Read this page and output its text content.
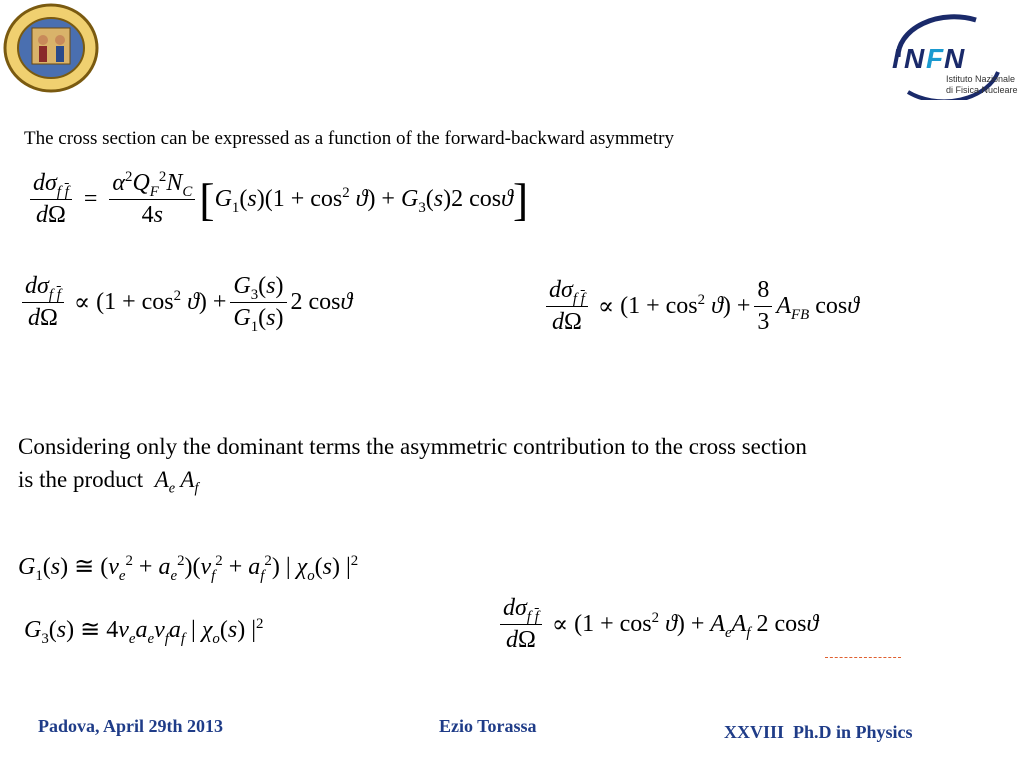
I N F N
Istituto Nazionale
di Fisica Nucleare
The cross section can be expressed as a function of the forward-backward asymmetry
$\frac{d\sigma_{f \overline{f}}}{d\Omega} = \frac{\alpha^2Q_F^2N_C}{4s}$ [ $G_1(s)(1 + \cos^2 ϑ) + G_3(s)2$ cosϑ ]
$\frac{d\sigma_{f \overline{f}}}{d\Omega} \propto (1 + \cos^2 ϑ) + \frac{G_3(s)}{G_1(s)} 2$ cosϑ	$\frac{d\sigma_{f \overline{f}}}{d\Omega} \propto (1 + \cos^2 ϑ) + \frac{8}{3} A_{FB}$ cosϑ
Considering only the dominant terms the asymmetric contribution to the cross section
is the product $A_e$ $A_f$
$G_1(s)$ ≅ $(v_e^2 + a_e^2)(v_f^2 + a_f^2)$ | $\chi_o(s)$ $|^2$
$G_3(s)$ ≅ $4v_ea_ev_fa_f$ | $\chi_o(s)$ $|^2$	$\frac{d\sigma_{f \overline{f}}}{d\Omega} \propto (1 + \cos^2 ϑ) + A_eA_f$ 2 cosϑ
Padova, April 29th 2013	Ezio Torassa	XXVIII  Ph.D in Physics
